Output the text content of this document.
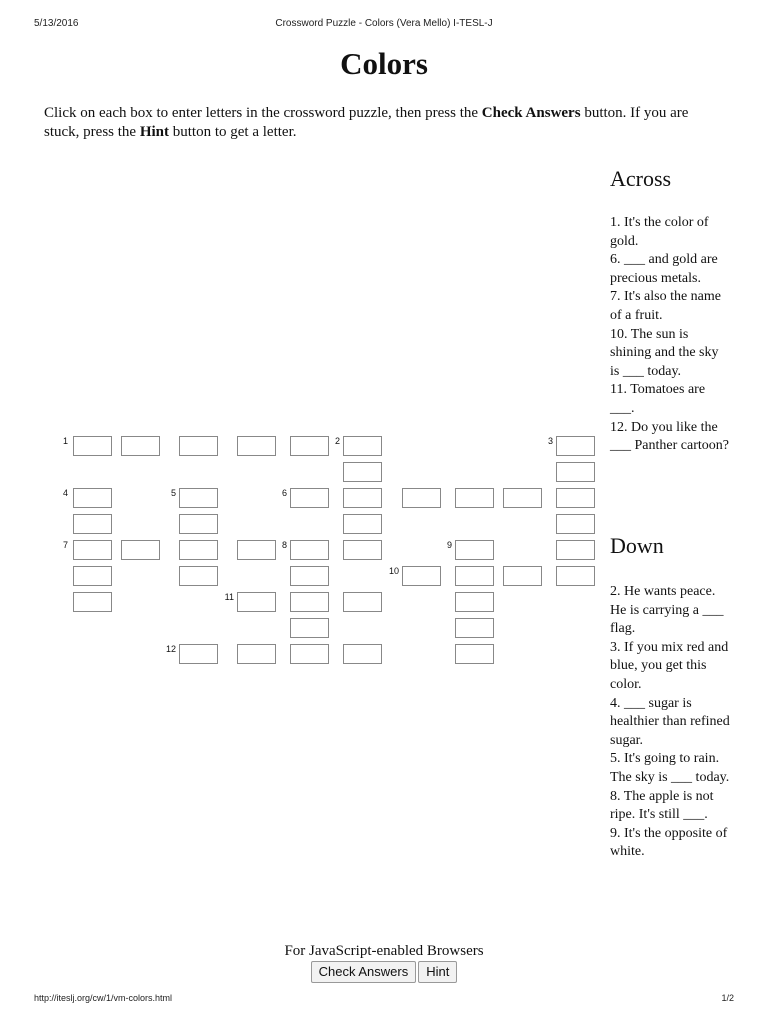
5/13/2016	Crossword Puzzle - Colors (Vera Mello) I-TESL-J
Colors
Click on each box to enter letters in the crossword puzzle, then press the Check Answers button. If you are stuck, press the Hint button to get a letter.
1	2	3
4	5	6
7	8	9
10
11
12
Across
1. It's the color of gold.
6. ___ and gold are precious metals.
7. It's also the name of a fruit.
10. The sun is shining and the sky is ___ today.
11. Tomatoes are ___.
12. Do you like the ___ Panther cartoon?
Down
2. He wants peace. He is carrying a ___ flag.
3. If you mix red and blue, you get this color.
4. ___ sugar is healthier than refined sugar.
5. It's going to rain. The sky is ___ today.
8. The apple is not ripe. It's still ___.
9. It's the opposite of white.
For JavaScript-enabled Browsers
Check Answers Hint
http://iteslj.org/cw/1/vm-colors.html	1/2
